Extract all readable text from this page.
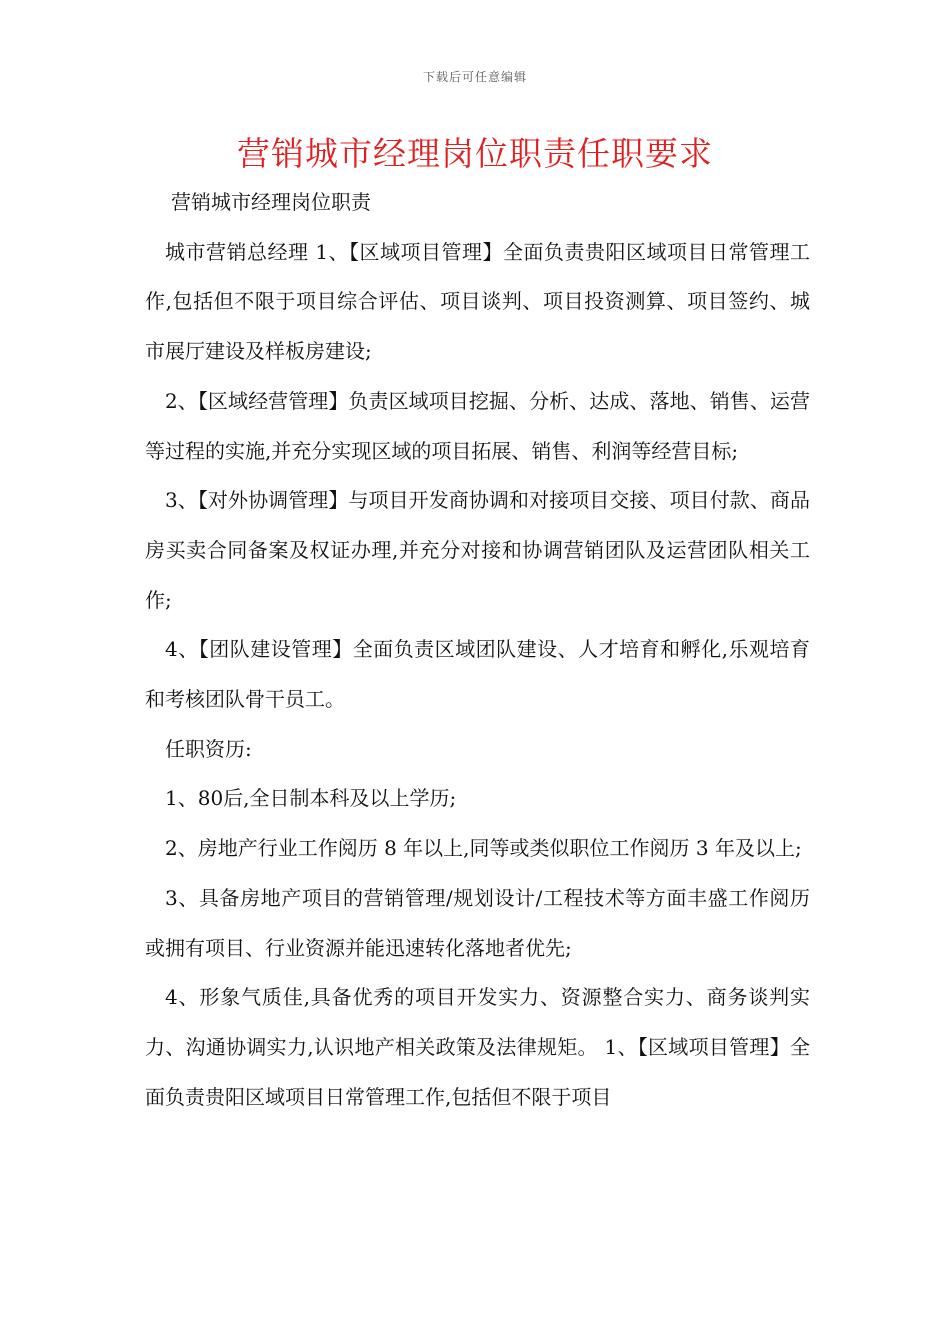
下载后可任意编辑
营销城市经理岗位职责任职要求

营销城市经理岗位职责

城市营销总经理 1、【区域项目管理】全面负责贵阳区域项目日常管理工作,包括但不限于项目综合评估、项目谈判、项目投资测算、项目签约、城市展厅建设及样板房建设;

2、【区域经营管理】负责区域项目挖掘、分析、达成、落地、销售、运营等过程的实施,并充分实现区域的项目拓展、销售、利润等经营目标;

3、【对外协调管理】与项目开发商协调和对接项目交接、项目付款、商品房买卖合同备案及权证办理,并充分对接和协调营销团队及运营团队相关工作;

4、【团队建设管理】全面负责区域团队建设、人才培育和孵化,乐观培育和考核团队骨干员工。

任职资历:

1、80后,全日制本科及以上学历;

2、房地产行业工作阅历 8 年以上,同等或类似职位工作阅历 3 年及以上;

3、具备房地产项目的营销管理/规划设计/工程技术等方面丰盛工作阅历或拥有项目、行业资源并能迅速转化落地者优先;

4、形象气质佳,具备优秀的项目开发实力、资源整合实力、商务谈判实力、沟通协调实力,认识地产相关政策及法律规矩。 1、【区域项目管理】全面负责贵阳区域项目日常管理工作,包括但不限于项目
